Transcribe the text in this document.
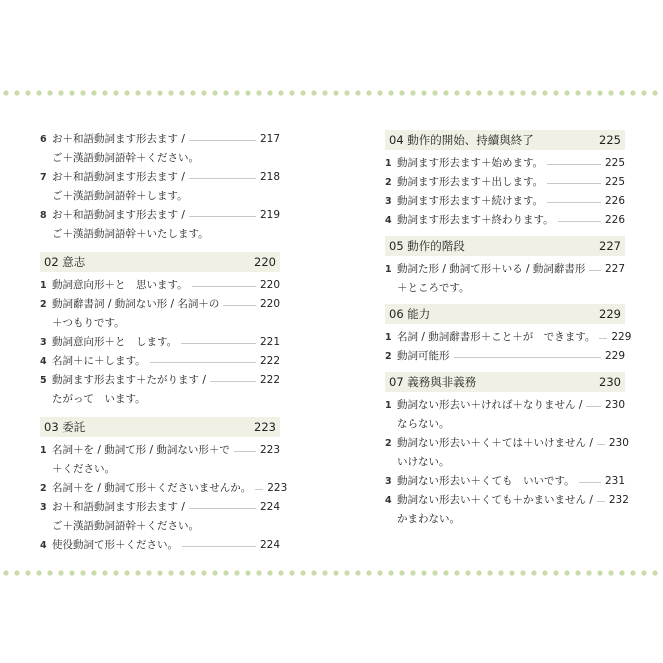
6 お＋和語動詞ます形去ます /	217
ご＋漢語動詞語幹＋ください。
7 お＋和語動詞ます形去ます /	218
ご＋漢語動詞語幹＋します。
8 お＋和語動詞ます形去ます /	219
ご＋漢語動詞語幹＋いたします。
02 意志	220
1 動詞意向形＋と　思います。	220
2 動詞辭書詞 / 動詞ない形 / 名詞＋の	220
＋つもりです。
3 動詞意向形＋と　します。	221
4 名詞＋に＋します。	222
5 動詞ます形去ます＋たがります /	222
たがって　います。
03 委託	223
1 名詞＋を / 動詞て形 / 動詞ない形＋で	223
＋ください。
2 名詞＋を / 動詞て形＋くださいませんか。 223
3 お＋和語動詞ます形去ます /	224
ご＋漢語動詞語幹＋ください。
4 使役動詞て形＋ください。	224
04 動作的開始、持續與終了	225
1 動詞ます形去ます＋始めます。	225
2 動詞ます形去ます＋出します。	225
3 動詞ます形去ます＋続けます。	226
4 動詞ます形去ます＋終わります。	226
05 動作的階段	227
1 動詞た形 / 動詞て形＋いる / 動詞辭書形 227
＋ところです。
06 能力	229
1 名詞 / 動詞辭書形＋こと＋が　できます。 229
2 動詞可能形	229
07 義務與非義務	230
1 動詞ない形去い＋ければ＋なりません / 230
ならない。
2 動詞ない形去い＋く＋ては＋いけません / 230
いけない。
3 動詞ない形去い＋くても　いいです。	231
4 動詞ない形去い＋くても＋かまいません / 232
かまわない。
